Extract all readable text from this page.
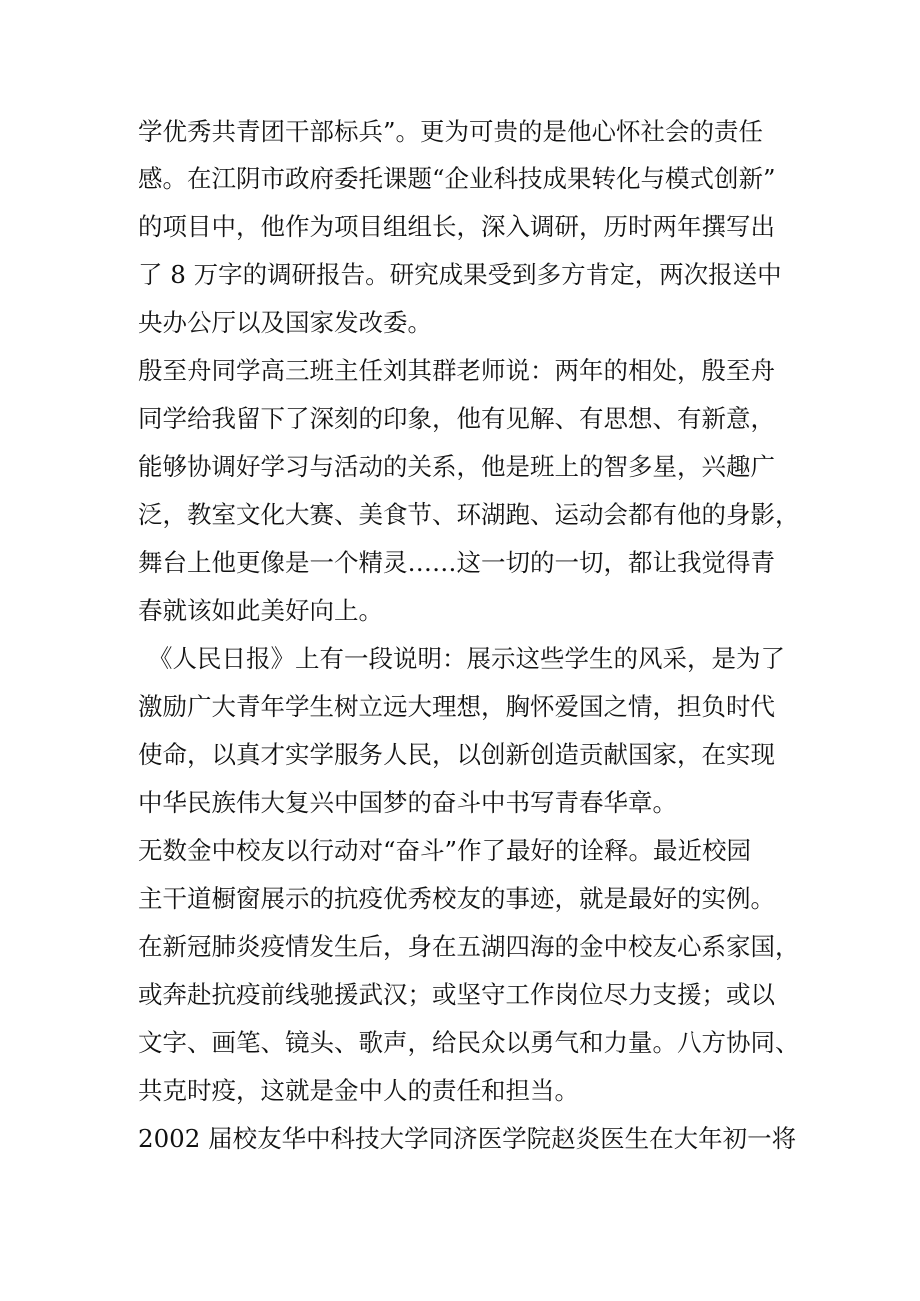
学优秀共青团干部标兵”。更为可贵的是他心怀社会的责任
感。在江阴市政府委托课题“企业科技成果转化与模式创新”
的项目中，他作为项目组组长，深入调研，历时两年撰写出
了 8 万字的调研报告。研究成果受到多方肯定，两次报送中
央办公厅以及国家发改委。
殷至舟同学高三班主任刘其群老师说：两年的相处，殷至舟
同学给我留下了深刻的印象，他有见解、有思想、有新意，
能够协调好学习与活动的关系，他是班上的智多星，兴趣广
泛，教室文化大赛、美食节、环湖跑、运动会都有他的身影，
舞台上他更像是一个精灵……这一切的一切，都让我觉得青
春就该如此美好向上。
《人民日报》上有一段说明：展示这些学生的风采，是为了
激励广大青年学生树立远大理想，胸怀爱国之情，担负时代
使命，以真才实学服务人民，以创新创造贡献国家，在实现
中华民族伟大复兴中国梦的奋斗中书写青春华章。
无数金中校友以行动对“奋斗”作了最好的诠释。最近校园
主干道橱窗展示的抗疫优秀校友的事迹，就是最好的实例。
在新冠肺炎疫情发生后，身在五湖四海的金中校友心系家国，
或奔赴抗疫前线驰援武汉；或坚守工作岗位尽力支援；或以
文字、画笔、镜头、歌声，给民众以勇气和力量。八方协同、
共克时疫，这就是金中人的责任和担当。
2002 届校友华中科技大学同济医学院赵炎医生在大年初一将
